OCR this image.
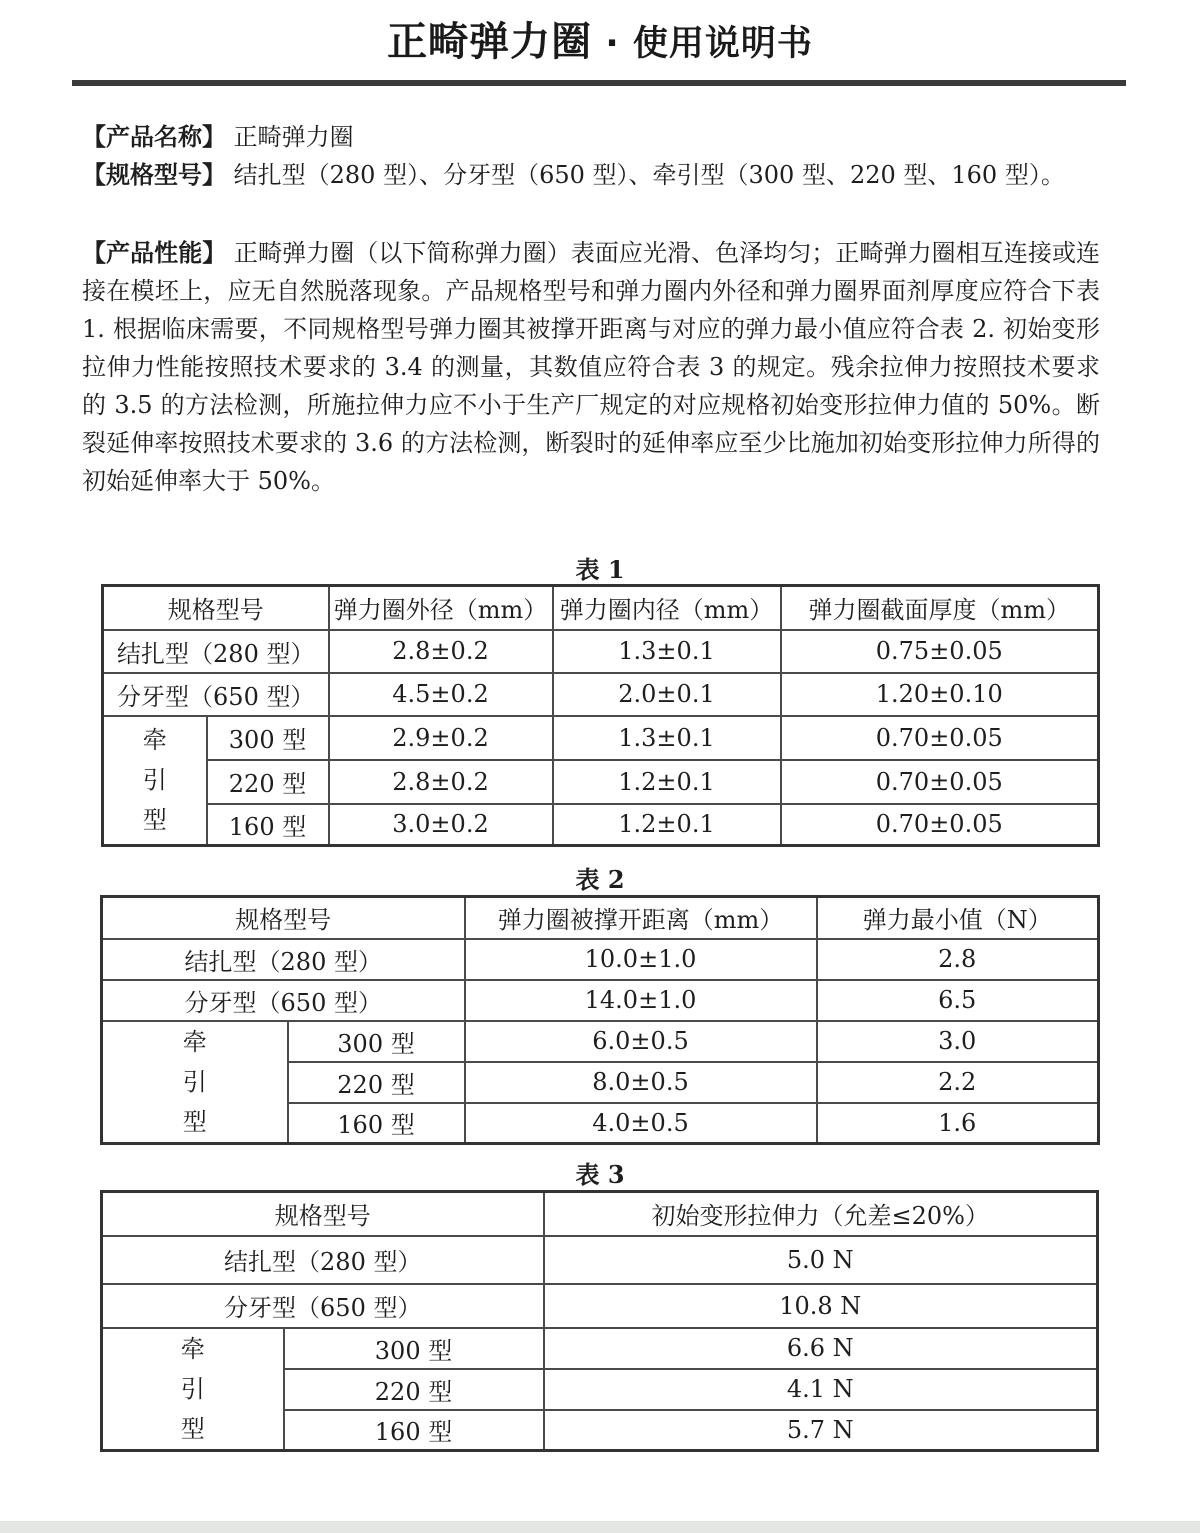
正畸弹力圈 · 使用说明书

【产品名称】 正畸弹力圈

【规格型号】 结扎型（280 型）、分牙型（650 型）、牵引型（300 型、220 型、160 型）。

【产品性能】 正畸弹力圈（以下简称弹力圈）表面应光滑、色泽均匀；正畸弹力圈相互连接或连接在模坯上，应无自然脱落现象。产品规格型号和弹力圈内外径和弹力圈界面剂厚度应符合下表 1. 根据临床需要，不同规格型号弹力圈其被撑开距离与对应的弹力最小值应符合表 2. 初始变形拉伸力性能按照技术要求的 3.4 的测量，其数值应符合表 3 的规定。残余拉伸力按照技术要求的 3.5 的方法检测，所施拉伸力应不小于生产厂规定的对应规格初始变形拉伸力值的 50%。断裂延伸率按照技术要求的 3.6 的方法检测，断裂时的延伸率应至少比施加初始变形拉伸力所得的初始延伸率大于 50%。

表 1
规格型号		弹力圈外径（mm）	弹力圈内径（mm）	弹力圈截面厚度（mm）
结扎型（280 型）		2.8±0.2	1.3±0.1	0.75±0.05
分牙型（650 型）		4.5±0.2	2.0±0.1	1.20±0.10

牵
引
型	300 型	2.9±0.2	1.3±0.1	0.70±0.05
	220 型	2.8±0.2	1.2±0.1	0.70±0.05
	160 型	3.0±0.2	1.2±0.1	0.70±0.05
表 2
规格型号		弹力圈被撑开距离（mm）	弹力最小值（N）
结扎型（280 型）		10.0±1.0	2.8
分牙型（650 型）		14.0±1.0	6.5

牵
引
型	300 型	6.0±0.5	3.0
	220 型	8.0±0.5	2.2
	160 型	4.0±0.5	1.6
表 3
规格型号		初始变形拉伸力（允差≤20%）
结扎型（280 型）		5.0 N
分牙型（650 型）		10.8 N

牵
引
型	300 型	6.6 N
	220 型	4.1 N
	160 型	5.7 N
